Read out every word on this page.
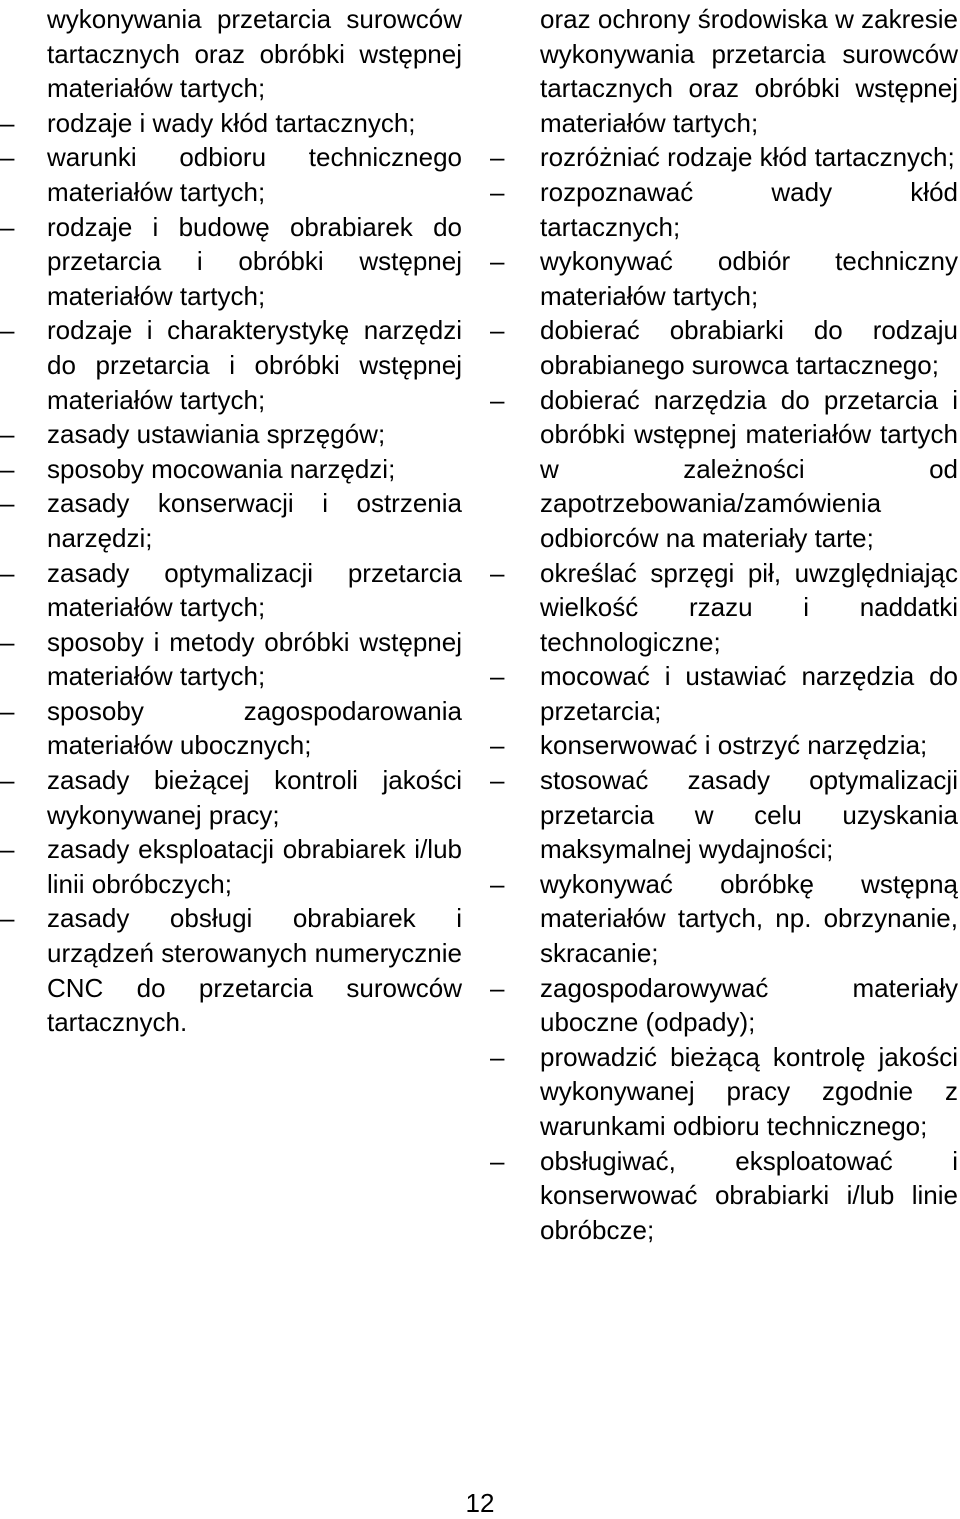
wykonywania przetarcia surowców tartacznych oraz obróbki wstępnej materiałów tartych;

–	rodzaje i wady kłód tartacznych;

–	warunki odbioru technicznego materiałów tartych;

–	rodzaje i budowę obrabiarek do przetarcia i obróbki wstępnej materiałów tartych;

–	rodzaje i charakterystykę narzędzi do przetarcia i obróbki wstępnej materiałów tartych;

–	zasady ustawiania sprzęgów;

–	sposoby mocowania narzędzi;

–	zasady konserwacji i ostrzenia narzędzi;

–	zasady optymalizacji przetarcia materiałów tartych;

–	sposoby i metody obróbki wstępnej materiałów tartych;

–	sposoby zagospodarowania materiałów ubocznych;

–	zasady bieżącej kontroli jakości wykonywanej pracy;

–	zasady eksploatacji obrabiarek i/lub linii obróbczych;

–	zasady obsługi obrabiarek i urządzeń sterowanych numerycznie CNC do przetarcia surowców tartacznych.

oraz ochrony środowiska w zakresie wykonywania przetarcia surowców tartacznych oraz obróbki wstępnej materiałów tartych;

–	rozróżniać rodzaje kłód tartacznych;

–	rozpoznawać wady kłód tartacznych;

–	wykonywać odbiór techniczny materiałów tartych;

–	dobierać obrabiarki do rodzaju obrabianego surowca tartacznego;

–	dobierać narzędzia do przetarcia i obróbki wstępnej materiałów tartych w zależności od zapotrzebowania/zamówienia odbiorców na materiały tarte;

–	określać sprzęgi pił, uwzględniając wielkość rzazu i naddatki technologiczne;

–	mocować i ustawiać narzędzia do przetarcia;

–	konserwować i ostrzyć narzędzia;

–	stosować zasady optymalizacji przetarcia w celu uzyskania maksymalnej wydajności;

–	wykonywać obróbkę wstępną materiałów tartych, np. obrzynanie, skracanie;

–	zagospodarowywać materiały uboczne (odpady);

–	prowadzić bieżącą kontrolę jakości wykonywanej pracy zgodnie z warunkami odbioru technicznego;

–	obsługiwać, eksploatować i konserwować obrabiarki i/lub linie obróbcze;

12
